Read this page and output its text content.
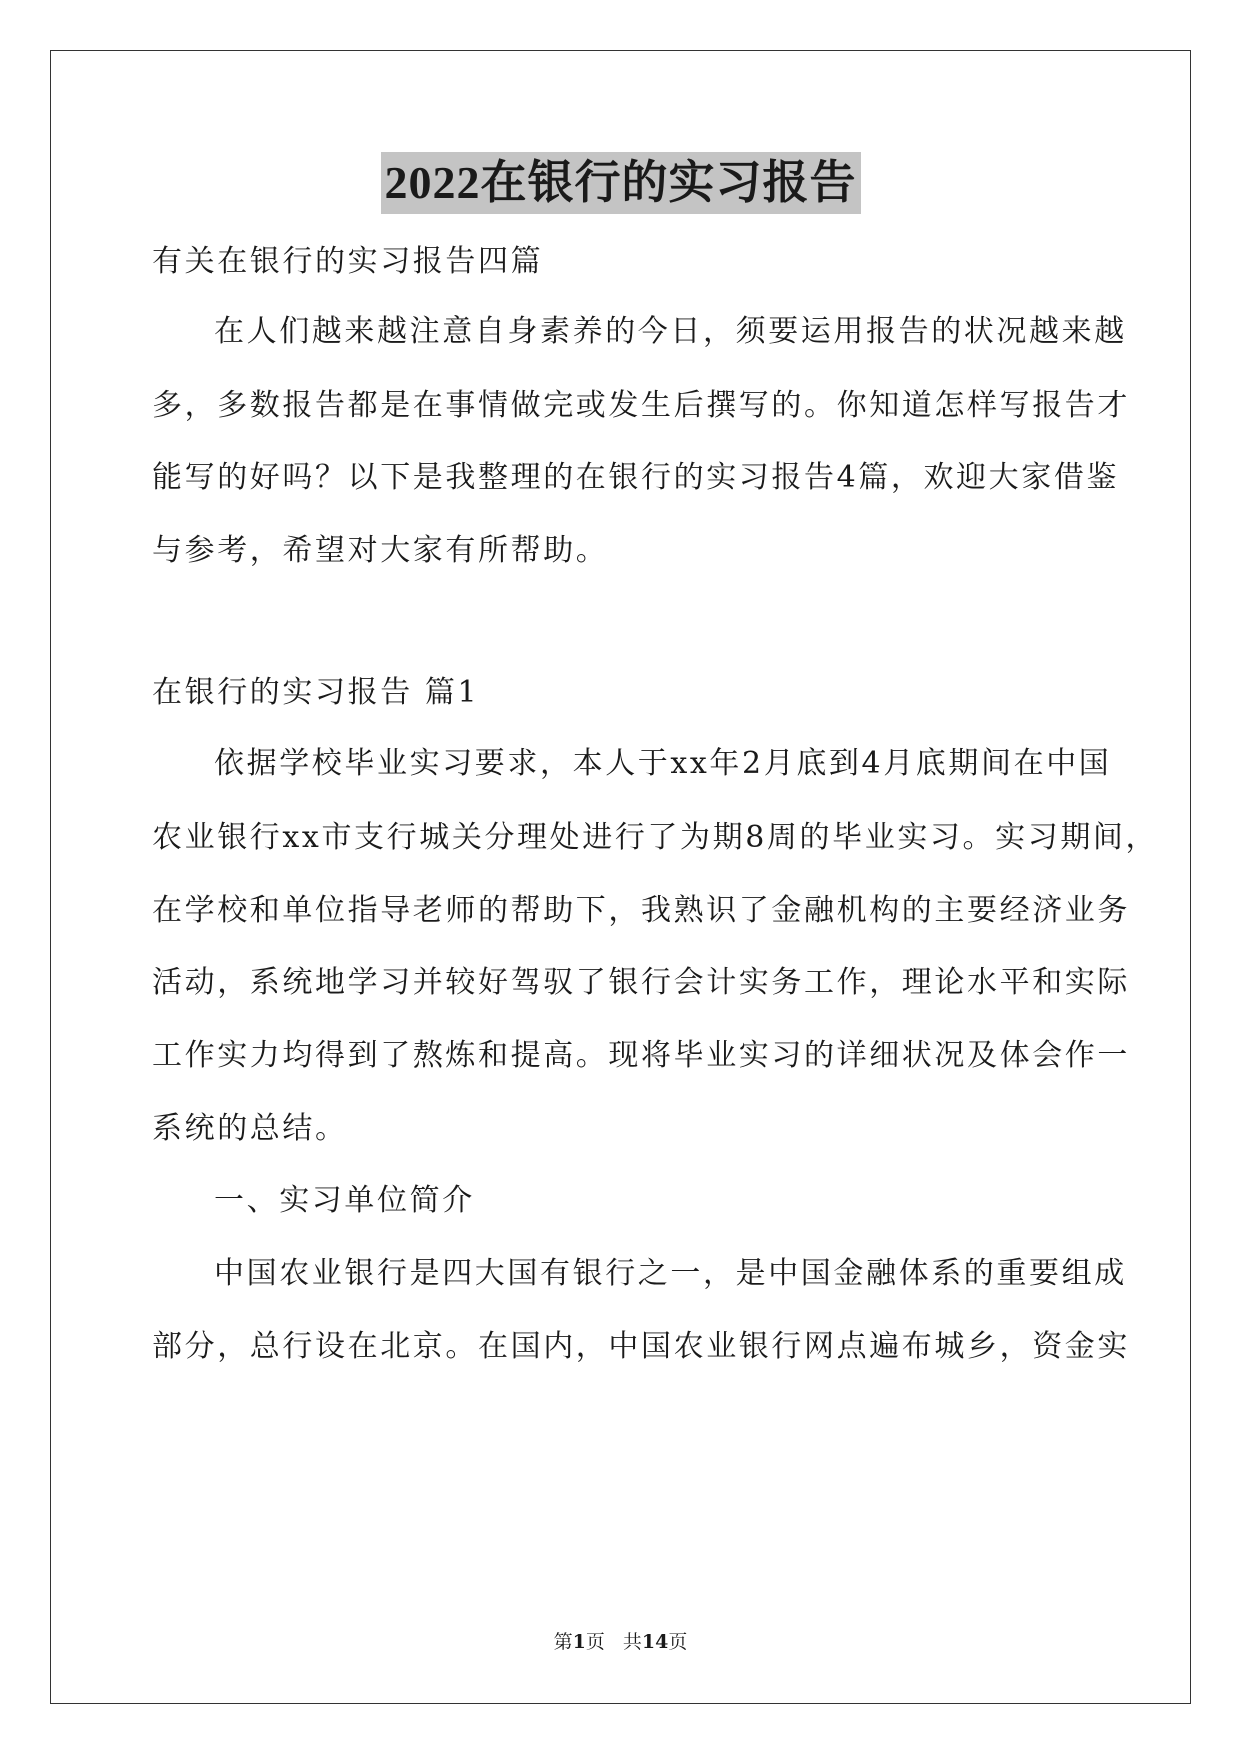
2022在银行的实习报告
有关在银行的实习报告四篇
在人们越来越注意自身素养的今日，须要运用报告的状况越来越
多，多数报告都是在事情做完或发生后撰写的。你知道怎样写报告才
能写的好吗？以下是我整理的在银行的实习报告4篇，欢迎大家借鉴
与参考，希望对大家有所帮助。
在银行的实习报告 篇1
依据学校毕业实习要求，本人于xx年2月底到4月底期间在中国
农业银行xx市支行城关分理处进行了为期8周的毕业实习。实习期间，
在学校和单位指导老师的帮助下，我熟识了金融机构的主要经济业务
活动，系统地学习并较好驾驭了银行会计实务工作，理论水平和实际
工作实力均得到了熬炼和提高。现将毕业实习的详细状况及体会作一
系统的总结。
一、实习单位简介
中国农业银行是四大国有银行之一，是中国金融体系的重要组成
部分，总行设在北京。在国内，中国农业银行网点遍布城乡，资金实
第1页 共14页
